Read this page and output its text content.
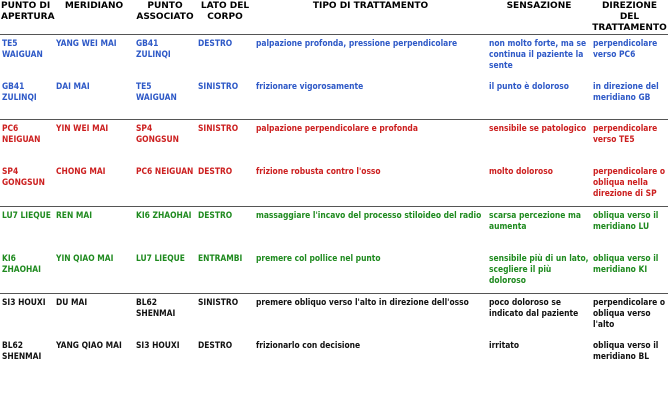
PUNTO DI APERTURA	MERIDIANO	PUNTO ASSOCIATO	LATO DEL CORPO	TIPO DI TRATTAMENTO	SENSAZIONE	DIREZIONE DEL TRATTAMENTO
TE5 WAIGUAN	YANG WEI MAI	GB41 ZULINQI	DESTRO	palpazione profonda, pressione perpendicolare	non molto forte, ma se continua il paziente la sente	perpendicolare verso PC6
GB41 ZULINQI	DAI MAI	TE5 WAIGUAN	SINISTRO	frizionare vigorosamente	il punto è doloroso	in direzione del meridiano GB
PC6 NEIGUAN	YIN WEI MAI	SP4 GONGSUN	SINISTRO	palpazione perpendicolare e profonda	sensibile se patologico	perpendicolare verso TE5
SP4 GONGSUN	CHONG MAI	PC6 NEIGUAN	DESTRO	frizione robusta contro l'osso	molto doloroso	perpendicolare o obliqua nella direzione di SP
LU7 LIEQUE	REN MAI	KI6 ZHAOHAI	DESTRO	massaggiare l'incavo del processo stiloideo del radio	scarsa percezione ma aumenta	obliqua verso il meridiano LU
KI6 ZHAOHAI	YIN QIAO MAI	LU7 LIEQUE	ENTRAMBI	premere col pollice nel punto	sensibile più di un lato, scegliere il più doloroso	obliqua verso il meridiano KI
SI3 HOUXI	DU MAI	BL62 SHENMAI	SINISTRO	premere obliquo verso l'alto in direzione dell'osso	poco doloroso se indicato dal paziente	perpendicolare o obliqua verso l'alto
BL62 SHENMAI	YANG QIAO MAI	SI3 HOUXI	DESTRO	frizionarlo con decisione	irritato	obliqua verso il meridiano BL
